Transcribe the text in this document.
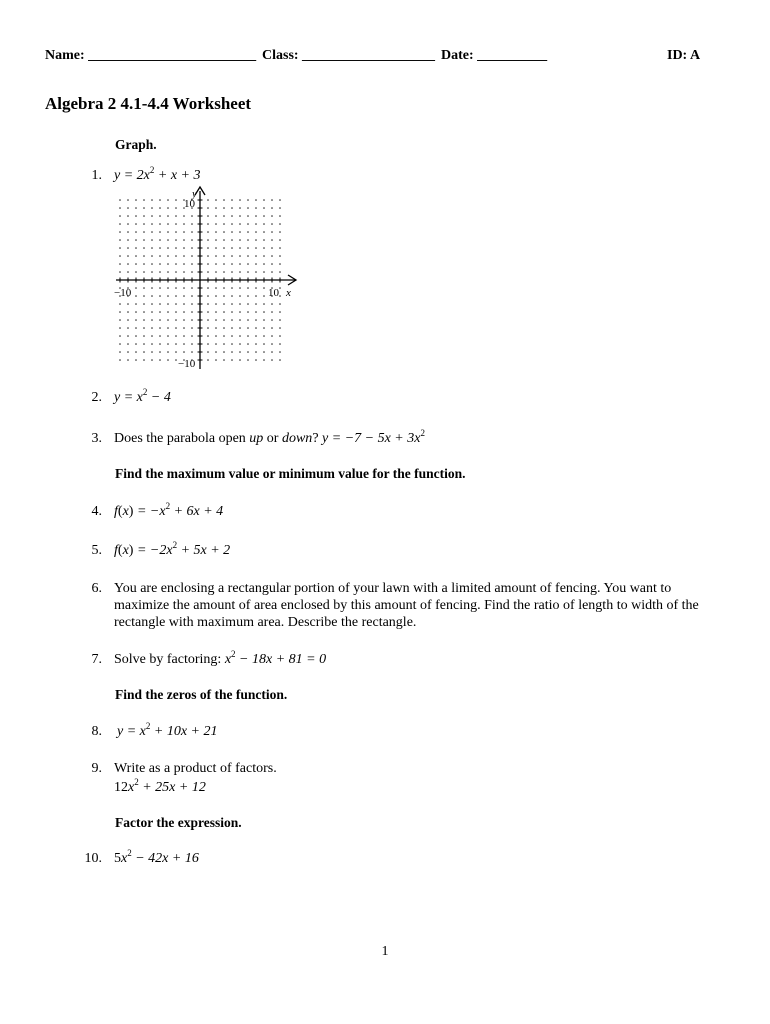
Name: ________________________ Class: ___________________ Date: __________	ID: A
Algebra 2 4.1-4.4 Worksheet
Graph.
1. $y = 2x^2 + x + 3$
y
10
−10
−10	10 x
2. $y = x^2 - 4$
3. Does the parabola open up or down? $y = -7 - 5x + 3x^2$
Find the maximum value or minimum value for the function.
4. $f(x) = -x^2 + 6x + 4$
5. $f(x) = -2x^2 + 5x + 2$
6. You are enclosing a rectangular portion of your lawn with a limited amount of fencing. You want to maximize the amount of area enclosed by this amount of fencing. Find the ratio of length to width of the rectangle with maximum area. Describe the rectangle.
7. Solve by factoring: $x^2 - 18x + 81 = 0$
Find the zeros of the function.
8. $y = x^2 + 10x + 21$
9. Write as a product of factors.
$12x^2 + 25x + 12$
Factor the expression.
10. $5x^2 - 42x + 16$
1
